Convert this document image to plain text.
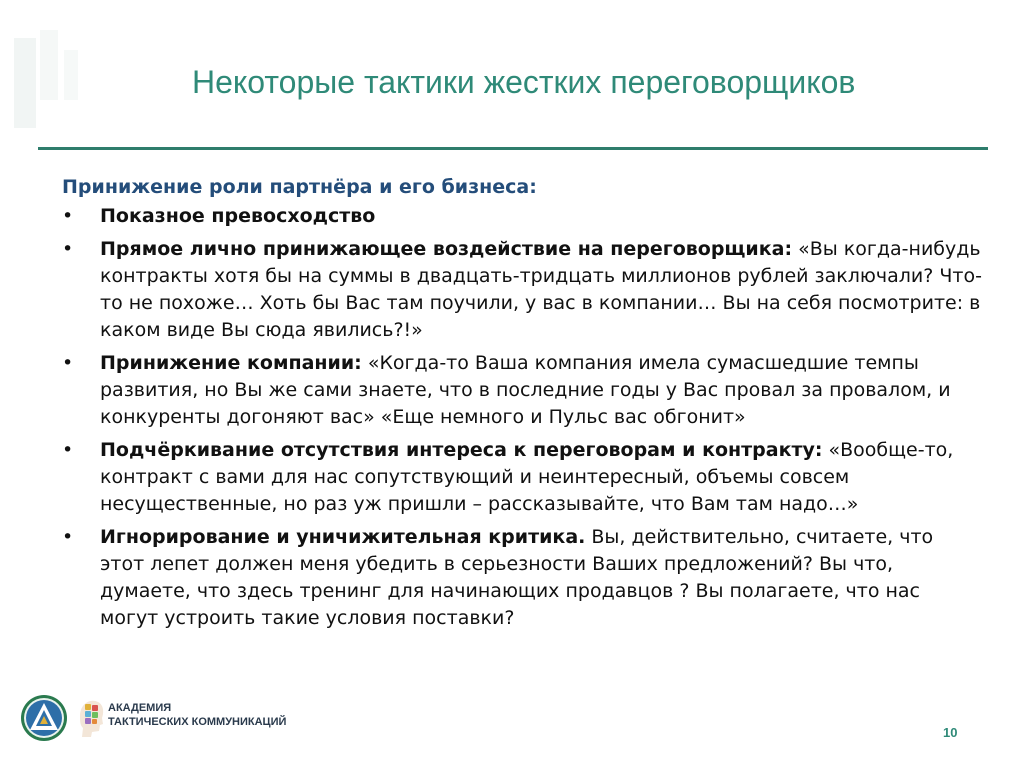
Некоторые тактики жестких переговорщиков
Принижение роли партнёра и его бизнеса:
• Показное превосходство
• Прямое лично принижающее воздействие на переговорщика: «Вы когда-нибудь контракты хотя бы на суммы в двадцать-тридцать миллионов рублей заключали? Что-то не похоже… Хоть бы Вас там поучили, у вас в компании… Вы на себя посмотрите: в каком виде Вы сюда явились?!»
• Принижение компании: «Когда-то Ваша компания имела сумасшедшие темпы развития, но Вы же сами знаете, что в последние годы у Вас провал за провалом, и конкуренты догоняют вас» «Еще немного и Пульс вас обгонит»
• Подчёркивание отсутствия интереса к переговорам и контракту: «Вообще-то, контракт с вами для нас сопутствующий и неинтересный, объемы совсем несущественные, но раз уж пришли – рассказывайте, что Вам там надо…»
• Игнорирование и уничижительная критика. Вы, действительно, считаете, что этот лепет должен меня убедить в серьезности Ваших предложений? Вы что, думаете, что здесь тренинг для начинающих продавцов ? Вы полагаете, что нас могут устроить такие условия поставки?
АКАДЕМИЯ
ТАКТИЧЕСКИХ КОММУНИКАЦИЙ
10
